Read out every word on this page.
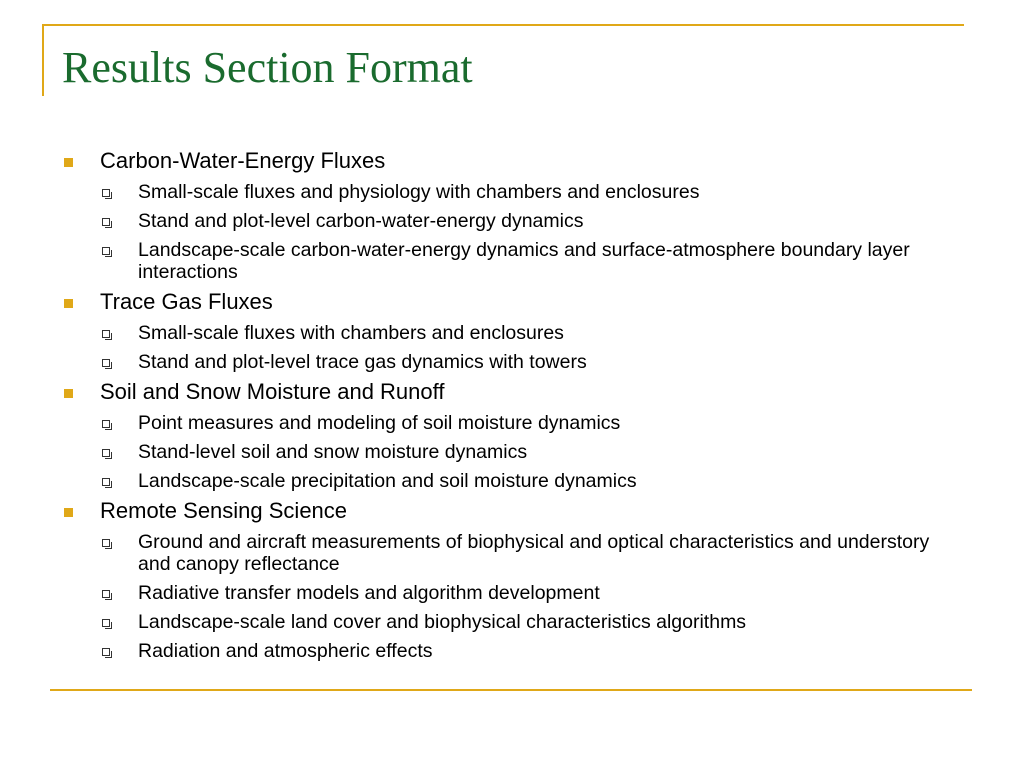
Results Section Format
Carbon-Water-Energy Fluxes
Small-scale fluxes and physiology with chambers and enclosures
Stand and plot-level carbon-water-energy dynamics
Landscape-scale carbon-water-energy dynamics and surface-atmosphere boundary layer interactions
Trace Gas Fluxes
Small-scale fluxes with chambers and enclosures
Stand and plot-level trace gas dynamics with towers
Soil and Snow Moisture and Runoff
Point measures and modeling of soil moisture dynamics
Stand-level soil and snow moisture dynamics
Landscape-scale precipitation and soil moisture dynamics
Remote Sensing Science
Ground and aircraft measurements of biophysical and optical characteristics and understory and canopy reflectance
Radiative transfer models and algorithm development
Landscape-scale land cover and biophysical characteristics algorithms
Radiation and atmospheric effects
